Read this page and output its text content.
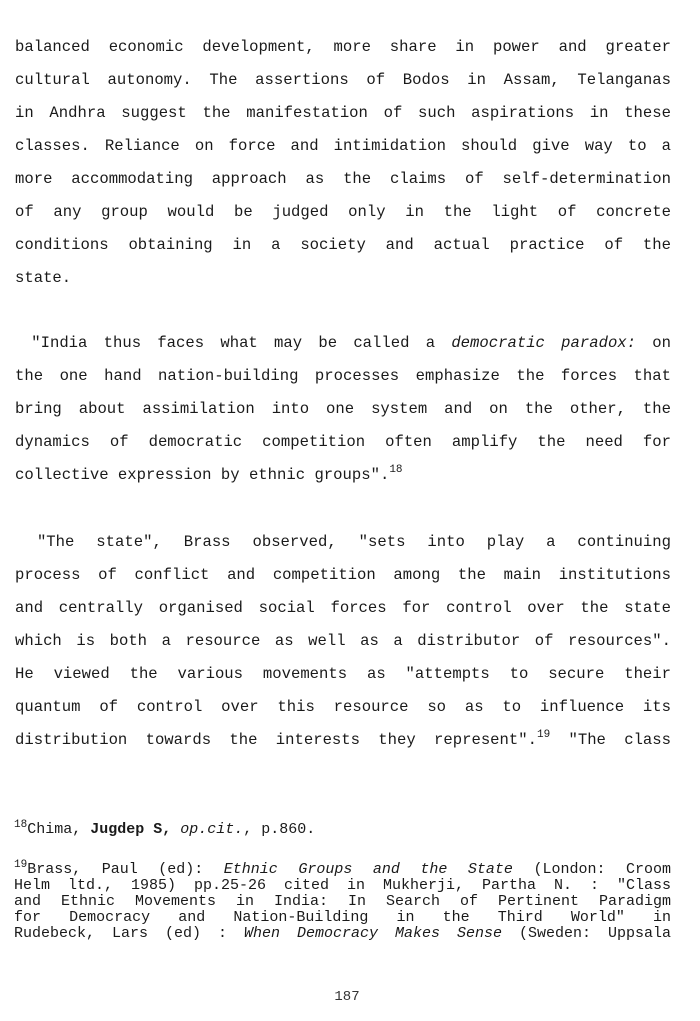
balanced economic development, more share in power and greater
cultural autonomy. The assertions of Bodos in Assam, Telanganas
in Andhra suggest the manifestation of such aspirations in these
classes. Reliance on force and intimidation should give way to a
more accommodating approach as the claims of self-determination
of any group would be judged only in the light of concrete
conditions obtaining in a society and actual practice of the
state.
"India thus faces what may be called a democratic paradox: on
the one hand nation-building processes emphasize the forces that
bring about assimilation into one system and on the other, the
dynamics of democratic competition often amplify the need for
collective expression by ethnic groups".$^{18}$
"The state", Brass observed, "sets into play a continuing
process of conflict and competition among the main institutions
and centrally organised social forces for control over the state
which is both a resource as well as a distributor of resources".
He viewed the various movements as "attempts to secure their
quantum of control over this resource so as to influence its
distribution towards the interests they represent".$^{19}$ "The class
$^{18}$Chima, Jugdep S, op.cit., p.860.
$^{19}$Brass, Paul (ed): Ethnic Groups and the State (London: Croom
Helm ltd., 1985) pp.25-26 cited in Mukherji, Partha N. : "Class
and Ethnic Movements in India: In Search of Pertinent Paradigm
for Democracy and Nation-Building in the Third World" in
Rudebeck, Lars (ed) : When Democracy Makes Sense (Sweden: Uppsala
187
